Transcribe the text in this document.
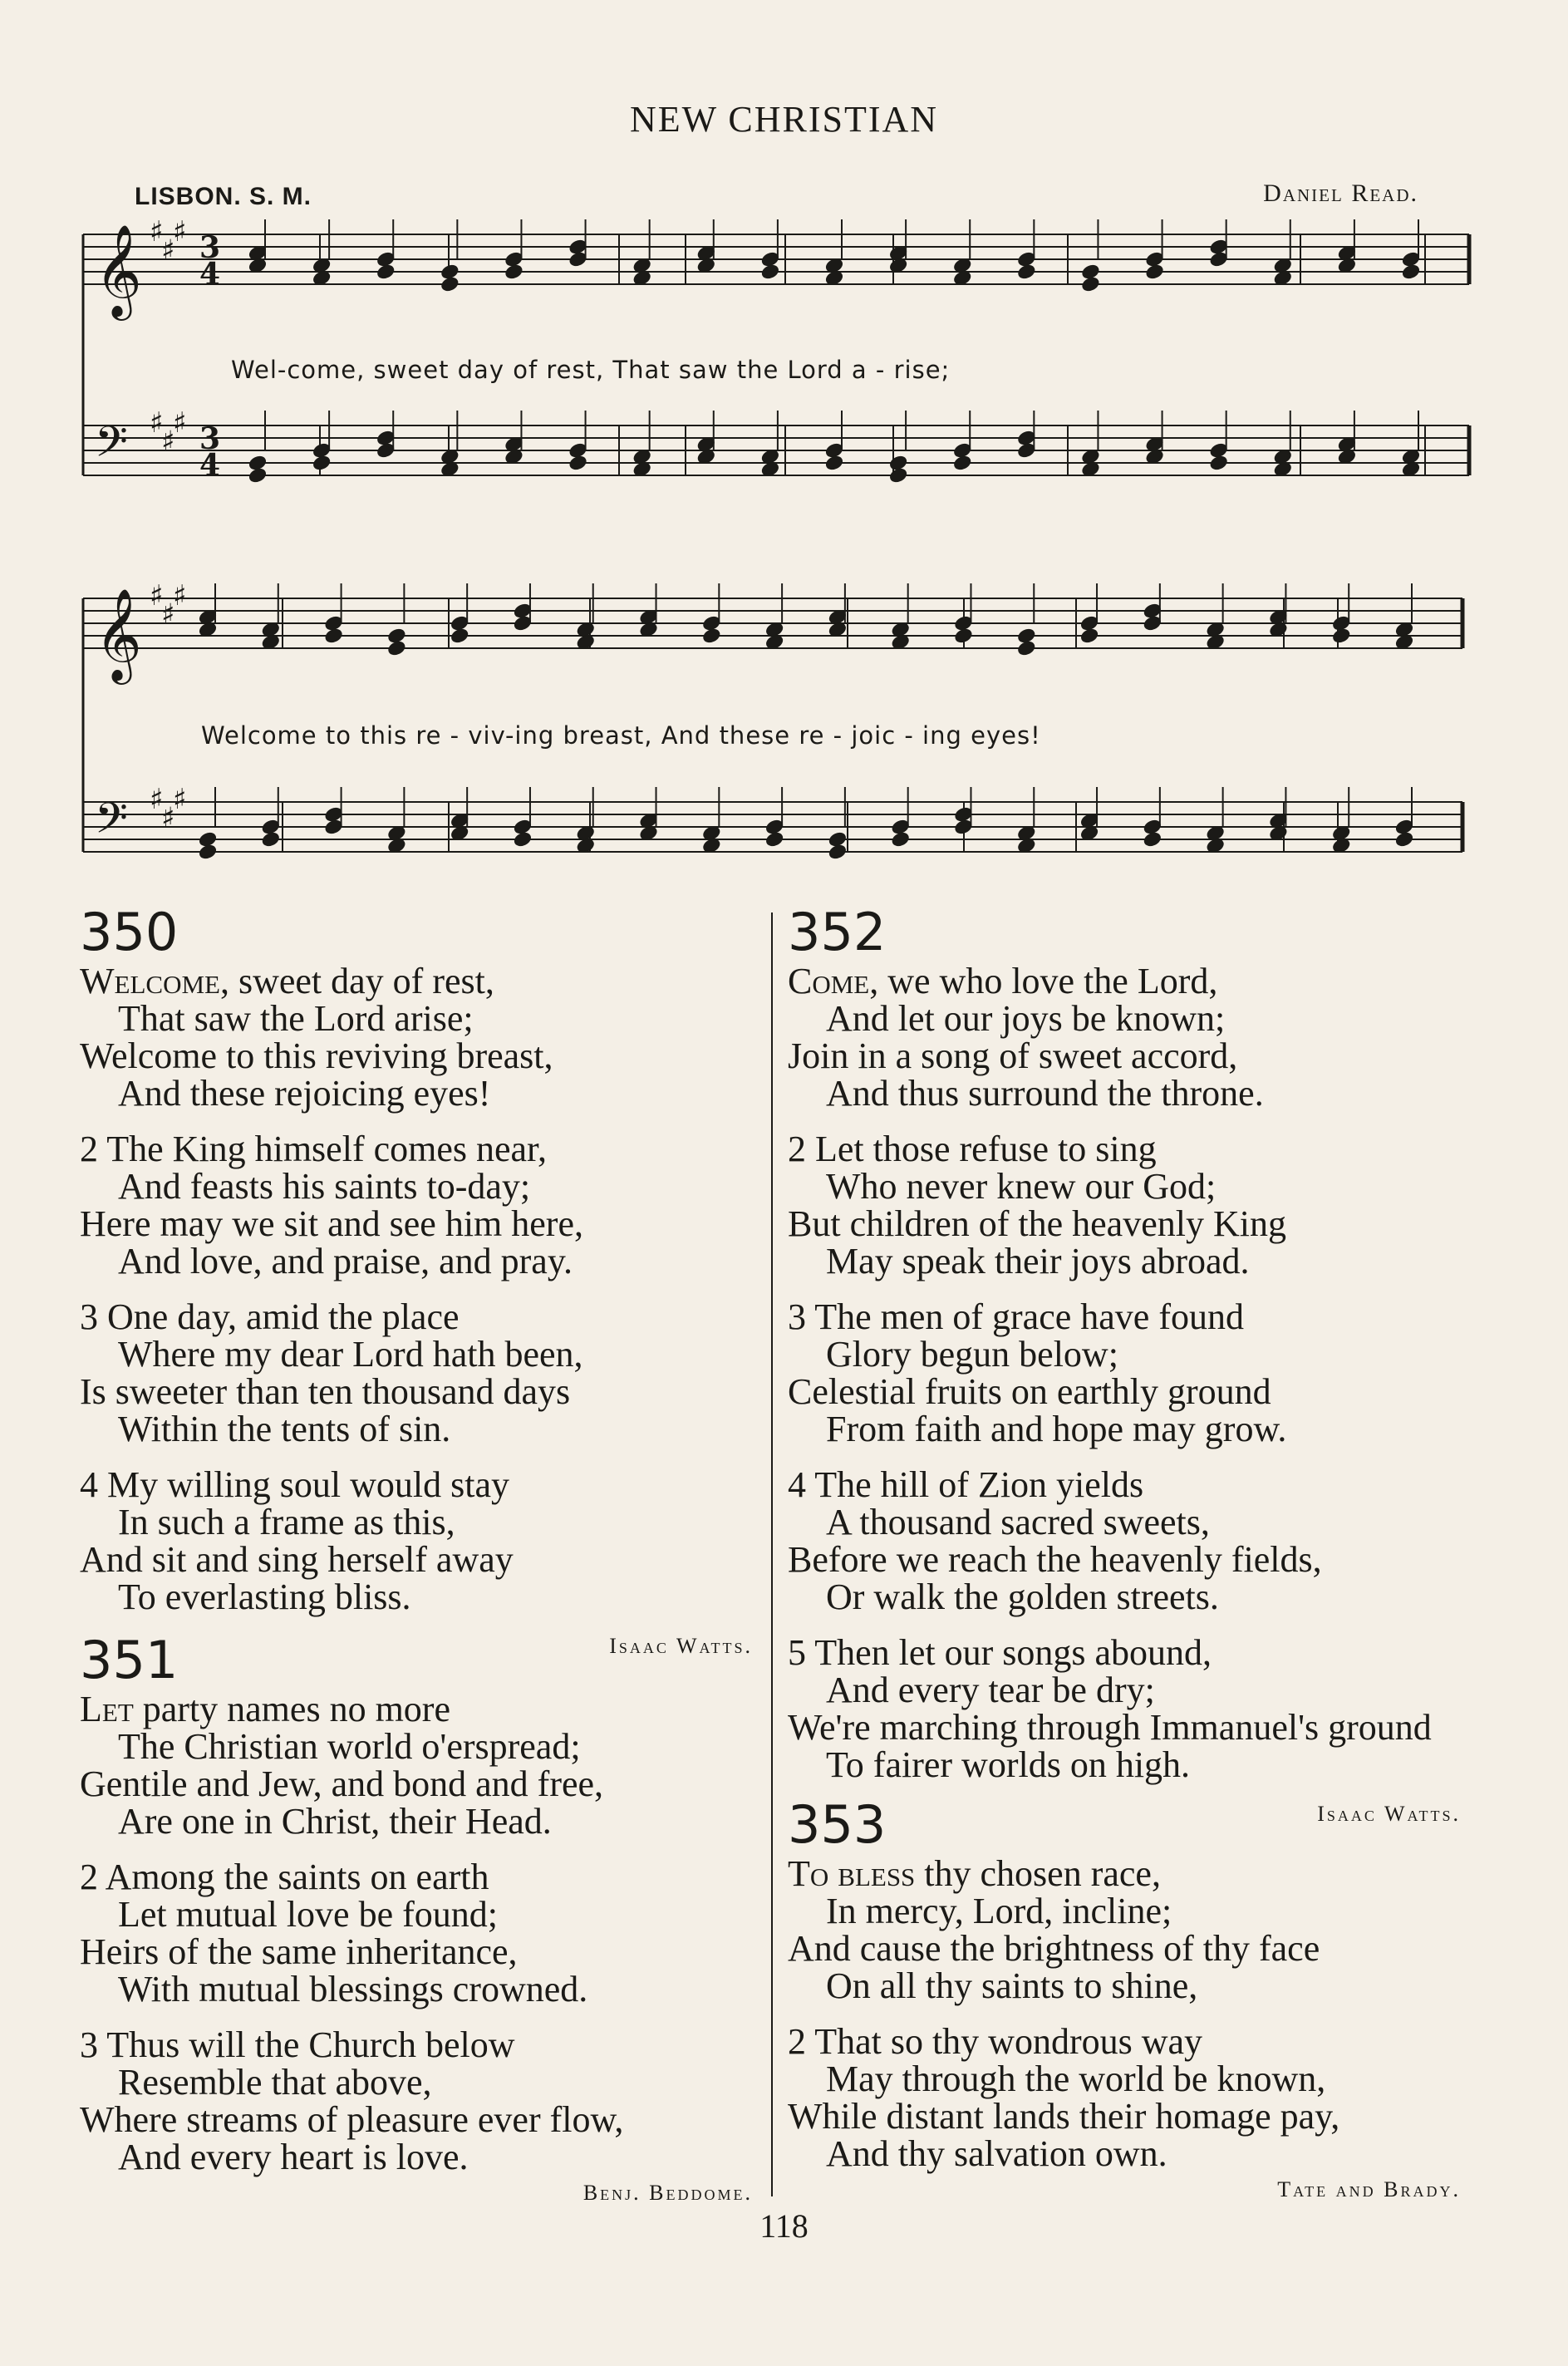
NEW CHRISTIAN
LISBON. S. M.	Daniel Read.
𝄞 ♯
♯
♯ 3
4
𝄢 ♯
♯
♯ 3
4
𝄞 ♯
♯
♯
𝄢 ♯
♯
♯
Wel-come, sweet day of rest, That saw the Lord a - rise;
Welcome to this re - viv-ing breast, And these re - joic - ing eyes!
350
Welcome, sweet day of rest,
That saw the Lord arise;
Welcome to this reviving breast,
And these rejoicing eyes!
2 The King himself comes near,
And feasts his saints to-day;
Here may we sit and see him here,
And love, and praise, and pray.
3 One day, amid the place
Where my dear Lord hath been,
Is sweeter than ten thousand days
Within the tents of sin.
4 My willing soul would stay
In such a frame as this,
And sit and sing herself away
To everlasting bliss.
Isaac Watts.
351
Let party names no more
The Christian world o'erspread;
Gentile and Jew, and bond and free,
Are one in Christ, their Head.
2 Among the saints on earth
Let mutual love be found;
Heirs of the same inheritance,
With mutual blessings crowned.
3 Thus will the Church below
Resemble that above,
Where streams of pleasure ever flow,
And every heart is love.
Benj. Beddome.
352
Come, we who love the Lord,
And let our joys be known;
Join in a song of sweet accord,
And thus surround the throne.
2 Let those refuse to sing
Who never knew our God;
But children of the heavenly King
May speak their joys abroad.
3 The men of grace have found
Glory begun below;
Celestial fruits on earthly ground
From faith and hope may grow.
4 The hill of Zion yields
A thousand sacred sweets,
Before we reach the heavenly fields,
Or walk the golden streets.
5 Then let our songs abound,
And every tear be dry;
We're marching through Immanuel's ground
To fairer worlds on high.
Isaac Watts.
353
To bless thy chosen race,
In mercy, Lord, incline;
And cause the brightness of thy face
On all thy saints to shine,
2 That so thy wondrous way
May through the world be known,
While distant lands their homage pay,
And thy salvation own.
Tate and Brady.
118
